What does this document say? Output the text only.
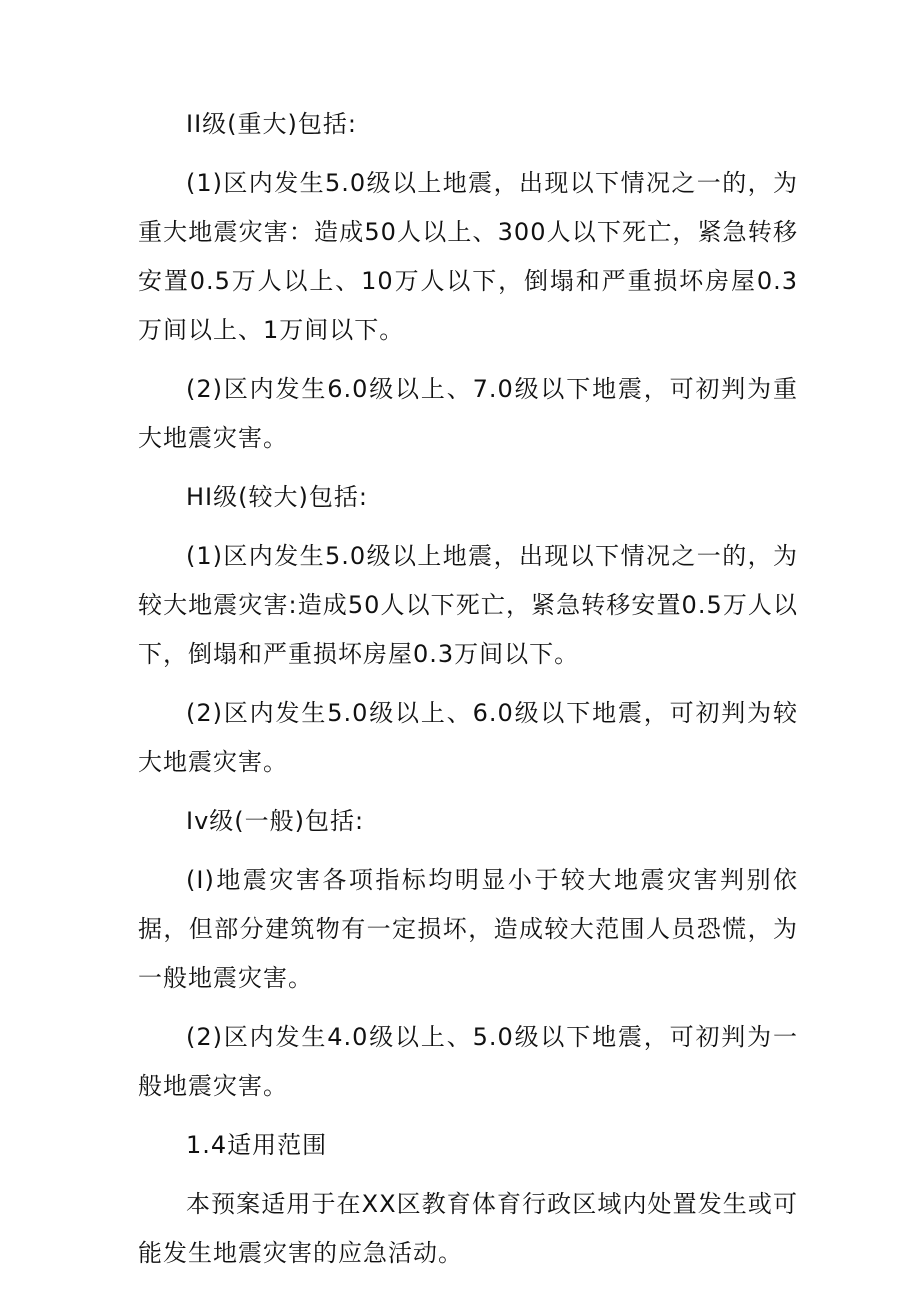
II级(重大)包括:

(1)区内发生5.0级以上地震，出现以下情况之一的，为重大地震灾害：造成50人以上、300人以下死亡，紧急转移安置0.5万人以上、10万人以下，倒塌和严重损坏房屋0.3万间以上、1万间以下。

(2)区内发生6.0级以上、7.0级以下地震，可初判为重大地震灾害。

HI级(较大)包括:

(1)区内发生5.0级以上地震，出现以下情况之一的，为较大地震灾害:造成50人以下死亡，紧急转移安置0.5万人以下，倒塌和严重损坏房屋0.3万间以下。

(2)区内发生5.0级以上、6.0级以下地震，可初判为较大地震灾害。

Iv级(一般)包括:

(I)地震灾害各项指标均明显小于较大地震灾害判别依据，但部分建筑物有一定损坏，造成较大范围人员恐慌，为一般地震灾害。

(2)区内发生4.0级以上、5.0级以下地震，可初判为一般地震灾害。

1.4适用范围

本预案适用于在XX区教育体育行政区域内处置发生或可能发生地震灾害的应急活动。
